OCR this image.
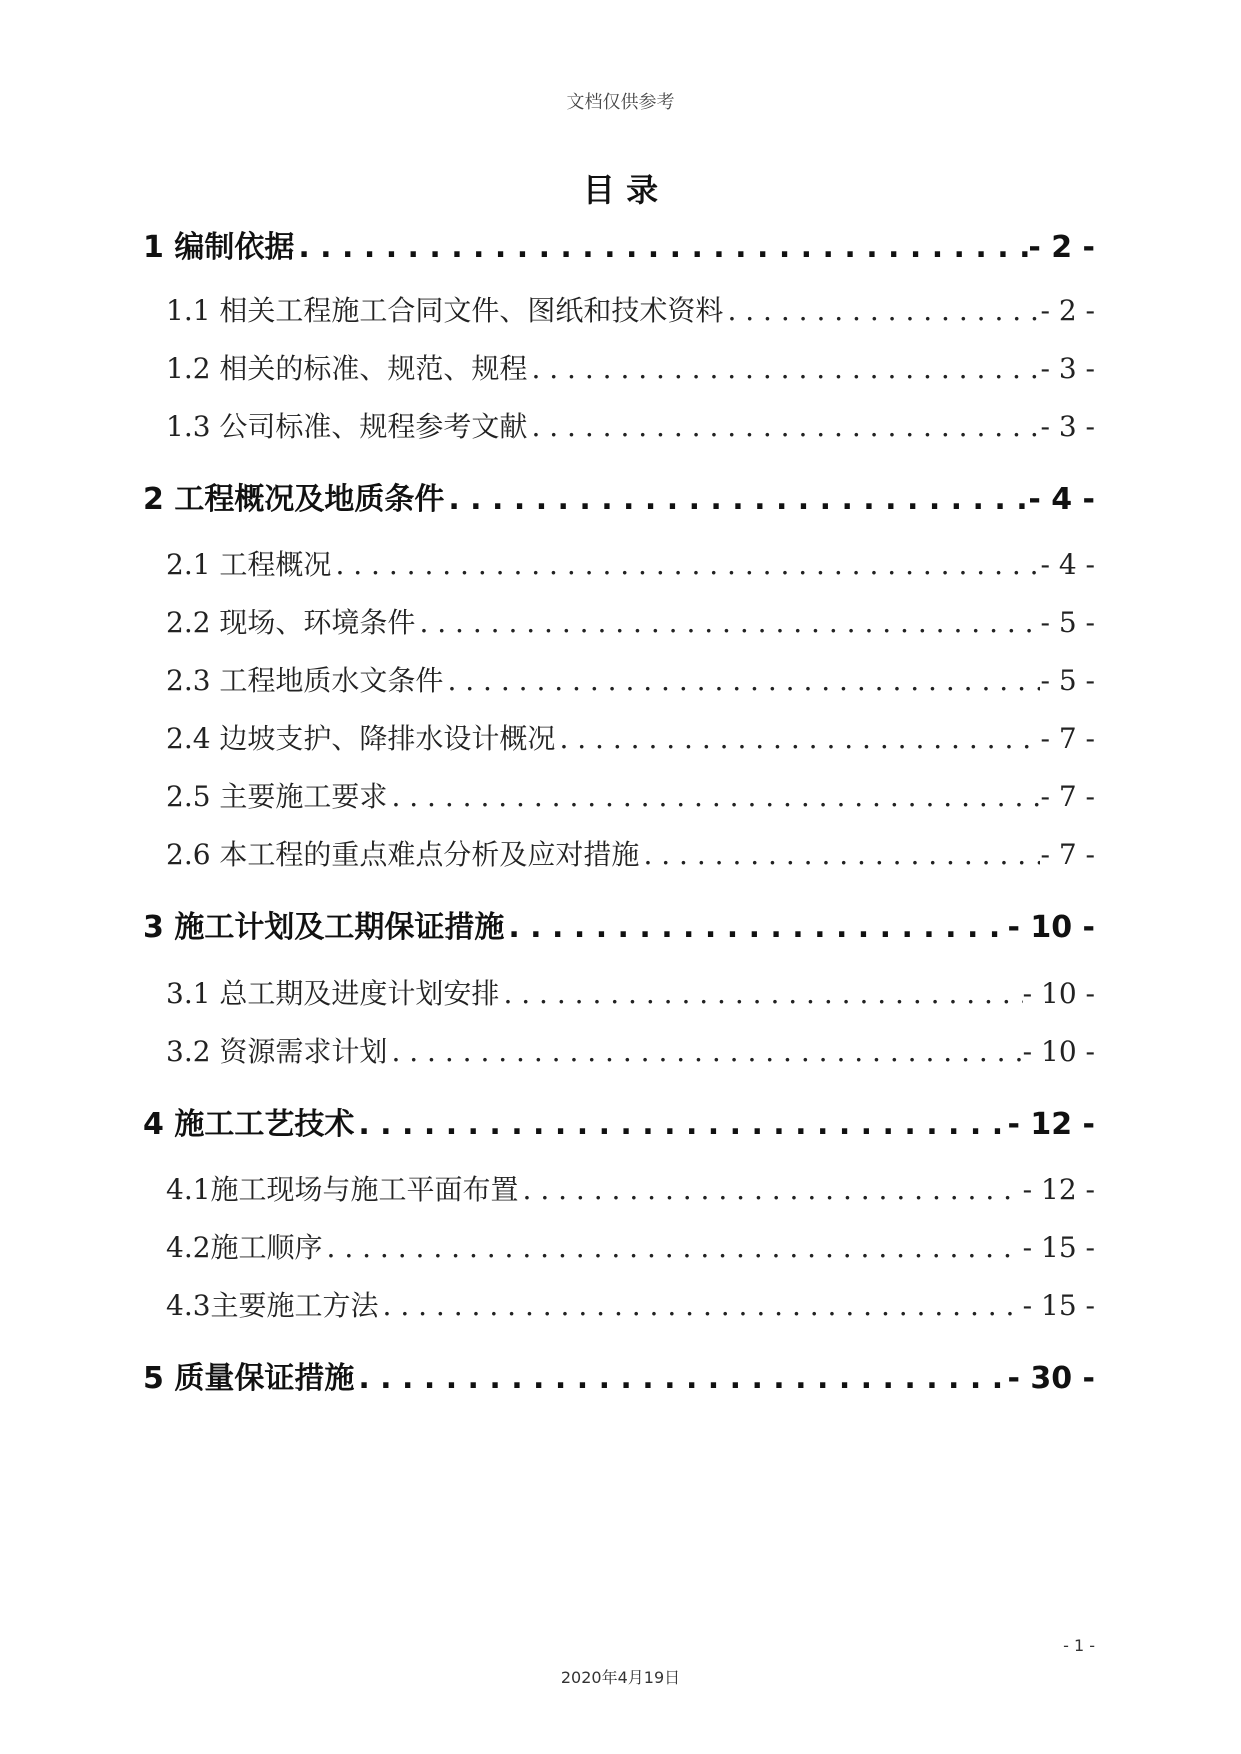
文档仅供参考
目 录
1 编制依据 . . .	- 2 -
1.1 相关工程施工合同文件、图纸和技术资料 . . .	- 2 -
1.2 相关的标准、规范、规程 . . .	- 3 -
1.3 公司标准、规程参考文献 . . .	- 3 -
2 工程概况及地质条件 . . .	- 4 -
2.1 工程概况 . . .	- 4 -
2.2 现场、环境条件 . . .	- 5 -
2.3 工程地质水文条件 . . .	- 5 -
2.4 边坡支护、降排水设计概况 . . .	- 7 -
2.5 主要施工要求 . . .	- 7 -
2.6 本工程的重点难点分析及应对措施 . . .	- 7 -
3 施工计划及工期保证措施 . . .	- 10 -
3.1 总工期及进度计划安排 . . .	- 10 -
3.2 资源需求计划 . . .	- 10 -
4 施工工艺技术 . . .	- 12 -
4.1施工现场与施工平面布置 . . .	- 12 -
4.2施工顺序 . . .	- 15 -
4.3主要施工方法 . . .	- 15 -
5 质量保证措施 . . .	- 30 -
- 1 -
2020年4月19日
